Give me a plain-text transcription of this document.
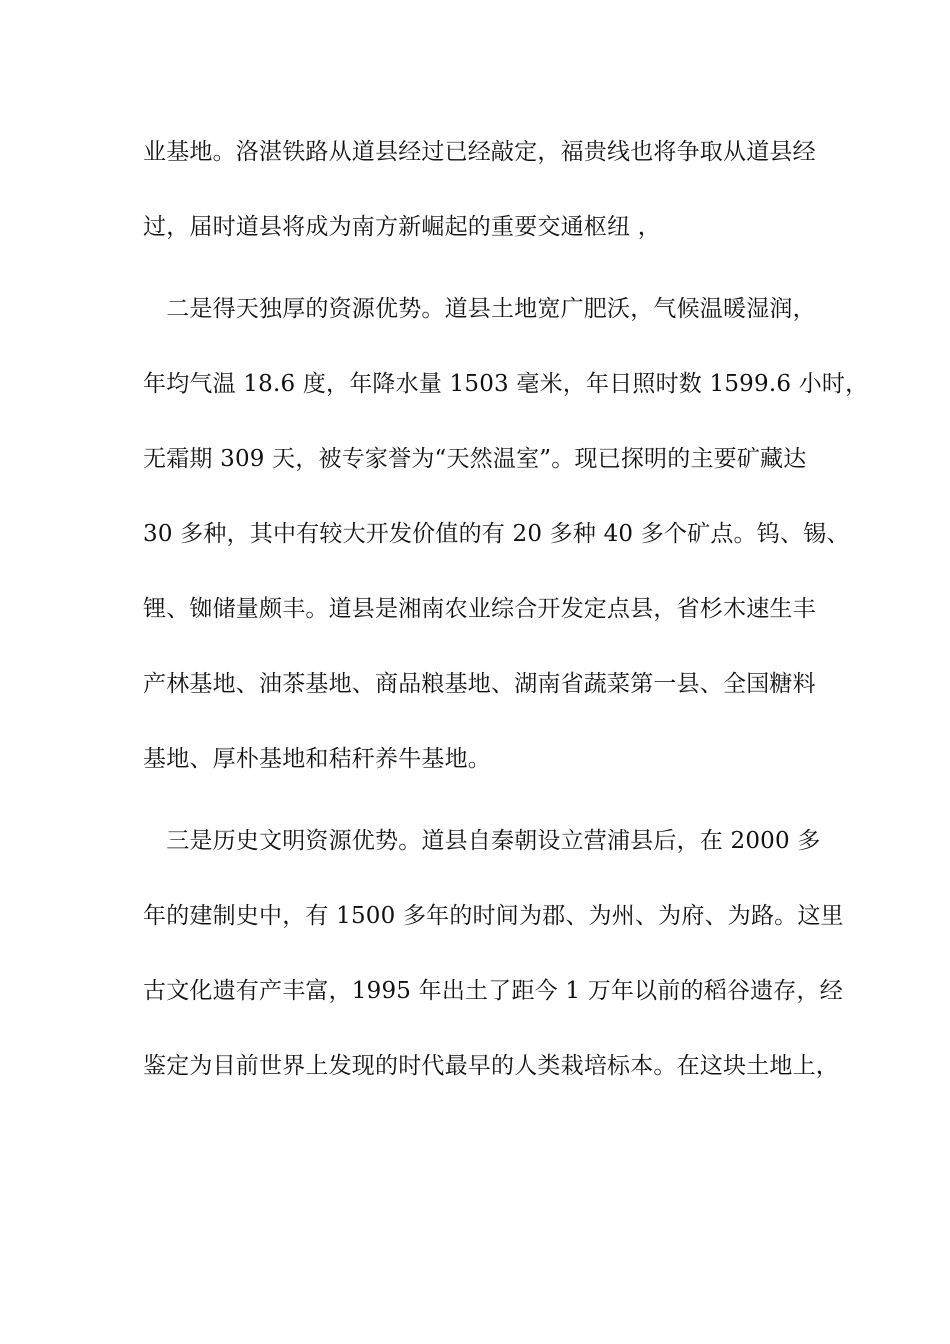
业基地。洛湛铁路从道县经过已经敲定，福贵线也将争取从道县经
过，届时道县将成为南方新崛起的重要交通枢纽 ，
　二是得天独厚的资源优势。道县土地宽广肥沃，气候温暖湿润，
年均气温 18.6 度，年降水量 1503 毫米，年日照时数 1599.6 小时，
无霜期 309 天，被专家誉为“天然温室”。现已探明的主要矿藏达
30 多种，其中有较大开发价值的有 20 多种 40 多个矿点。钨、锡、
锂、铷储量颇丰。道县是湘南农业综合开发定点县，省杉木速生丰
产林基地、油茶基地、商品粮基地、湖南省蔬菜第一县、全国糖料
基地、厚朴基地和秸秆养牛基地。
　三是历史文明资源优势。道县自秦朝设立营浦县后，在 2000 多
年的建制史中，有 1500 多年的时间为郡、为州、为府、为路。这里
古文化遗有产丰富，1995 年出土了距今 1 万年以前的稻谷遗存，经
鉴定为目前世界上发现的时代最早的人类栽培标本。在这块土地上，
